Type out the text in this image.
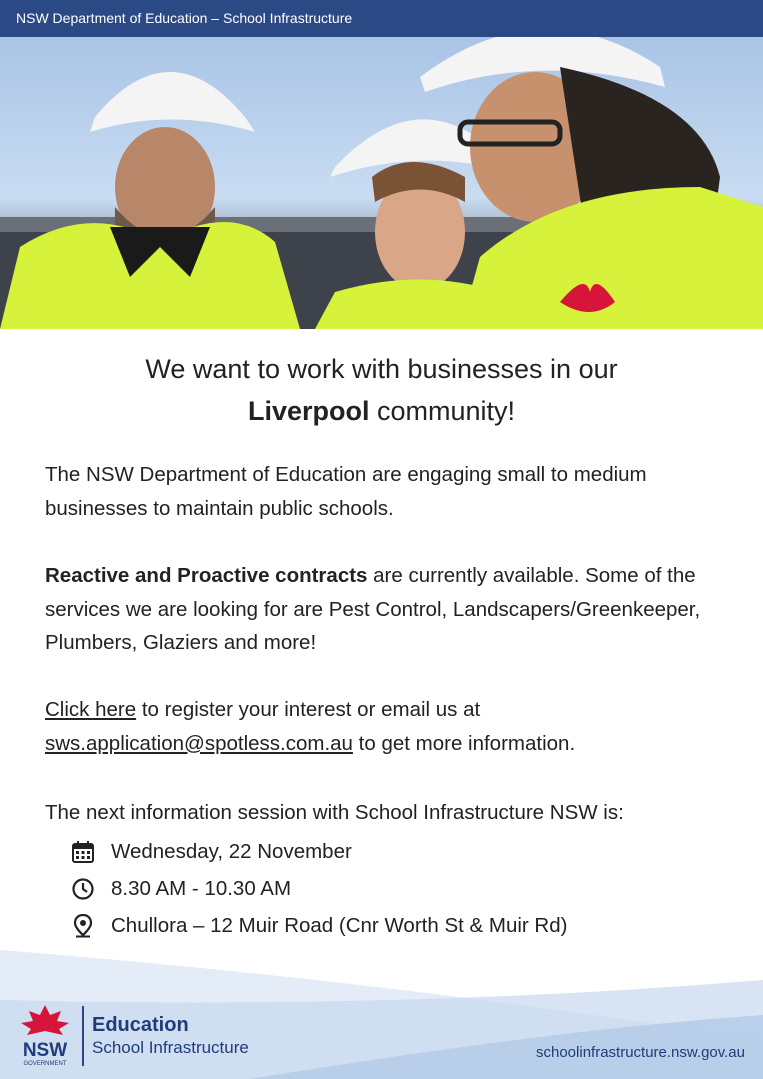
NSW Department of Education – School Infrastructure
We want to work with businesses in our
Liverpool community!
The NSW Department of Education are engaging small to medium businesses to maintain public schools.
Reactive and Proactive contracts are currently available. Some of the services we are looking for are Pest Control, Landscapers/Greenkeeper, Plumbers, Glaziers and more!
Click here to register your interest or email us at sws.application@spotless.com.au to get more information.
The next information session with School Infrastructure NSW is:
Wednesday, 22 November
8.30 AM - 10.30 AM
Chullora – 12 Muir Road (Cnr Worth St & Muir Rd)
NSW
GOVERNMENT
Education
School Infrastructure	schoolinfrastructure.nsw.gov.au
